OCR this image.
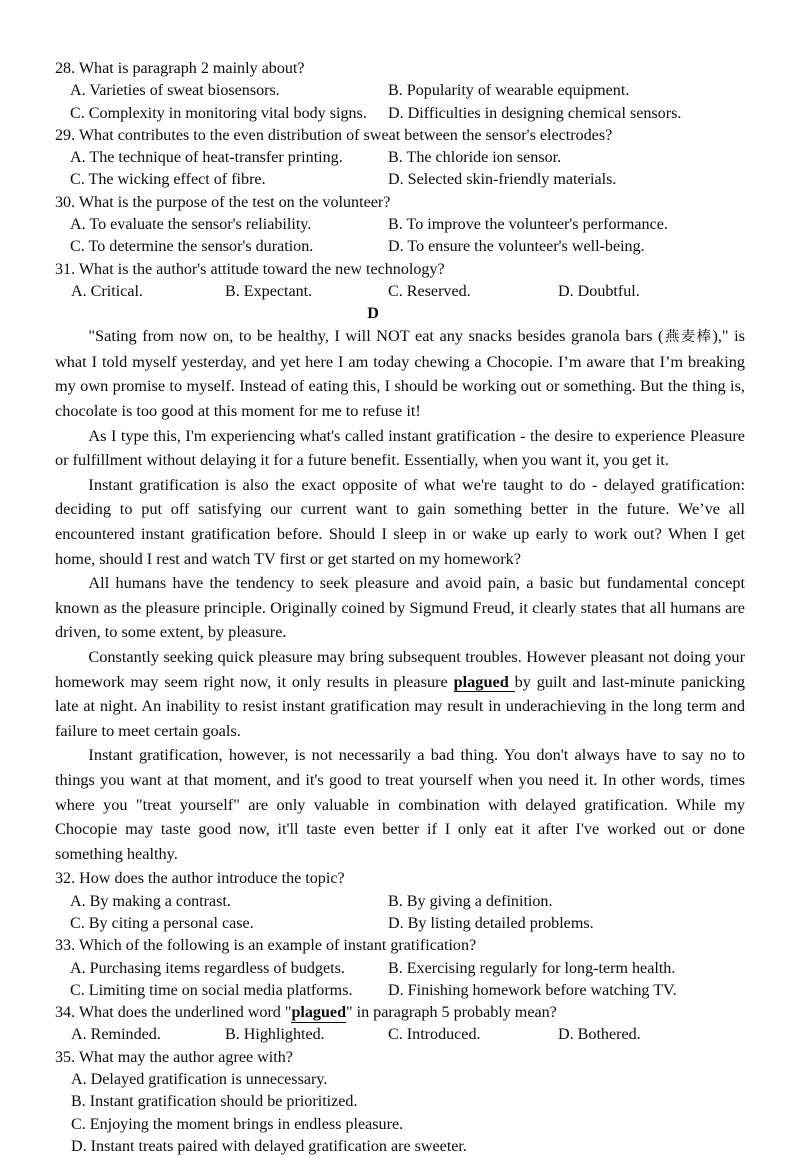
28. What is paragraph 2 mainly about?

A. Varieties of sweat biosensors.	B. Popularity of wearable equipment.
C. Complexity in monitoring vital body signs. D. Difficulties in designing chemical sensors.

29. What contributes to the even distribution of sweat between the sensor's electrodes?

A. The technique of heat-transfer printing.	B. The chloride ion sensor.
C. The wicking effect of fibre.	D. Selected skin-friendly materials.

30. What is the purpose of the test on the volunteer?

A. To evaluate the sensor's reliability.	B. To improve the volunteer's performance.
C. To determine the sensor's duration.	D. To ensure the volunteer's well-being.

31. What is the author's attitude toward the new technology?

A. Critical.	B. Expectant.	C. Reserved.	D. Doubtful.
D

"Sating from now on, to be healthy, I will NOT eat any snacks besides granola bars (燕麦棒)," is what I told myself yesterday, and yet here I am today chewing a Chocopie. I’m aware that I’m breaking my own promise to myself. Instead of eating this, I should be working out or something. But the thing is, chocolate is too good at this moment for me to refuse it!

As I type this, I'm experiencing what's called instant gratification - the desire to experience Pleasure or fulfillment without delaying it for a future benefit. Essentially, when you want it, you get it.

Instant gratification is also the exact opposite of what we're taught to do - delayed gratification: deciding to put off satisfying our current want to gain something better in the future. We’ve all encountered instant gratification before. Should I sleep in or wake up early to work out? When I get home, should I rest and watch TV first or get started on my homework?

All humans have the tendency to seek pleasure and avoid pain, a basic but fundamental concept known as the pleasure principle. Originally coined by Sigmund Freud, it clearly states that all humans are driven, to some extent, by pleasure.

Constantly seeking quick pleasure may bring subsequent troubles. However pleasant not doing your homework may seem right now, it only results in pleasure plagued by guilt and last-minute panicking late at night. An inability to resist instant gratification may result in underachieving in the long term and failure to meet certain goals.

Instant gratification, however, is not necessarily a bad thing. You don't always have to say no to things you want at that moment, and it's good to treat yourself when you need it. In other words, times where you "treat yourself" are only valuable in combination with delayed gratification. While my Chocopie may taste good now, it'll taste even better if I only eat it after I've worked out or done something healthy.

32. How does the author introduce the topic?

A. By making a contrast.	B. By giving a definition.
C. By citing a personal case.	D. By listing detailed problems.

33. Which of the following is an example of instant gratification?

A. Purchasing items regardless of budgets.	B. Exercising regularly for long-term health.
C. Limiting time on social media platforms. D. Finishing homework before watching TV.

34. What does the underlined word "plagued" in paragraph 5 probably mean?

A. Reminded.	B. Highlighted.	C. Introduced.	D. Bothered.

35. What may the author agree with?

A. Delayed gratification is unnecessary.

B. Instant gratification should be prioritized.

C. Enjoying the moment brings in endless pleasure.

D. Instant treats paired with delayed gratification are sweeter.
